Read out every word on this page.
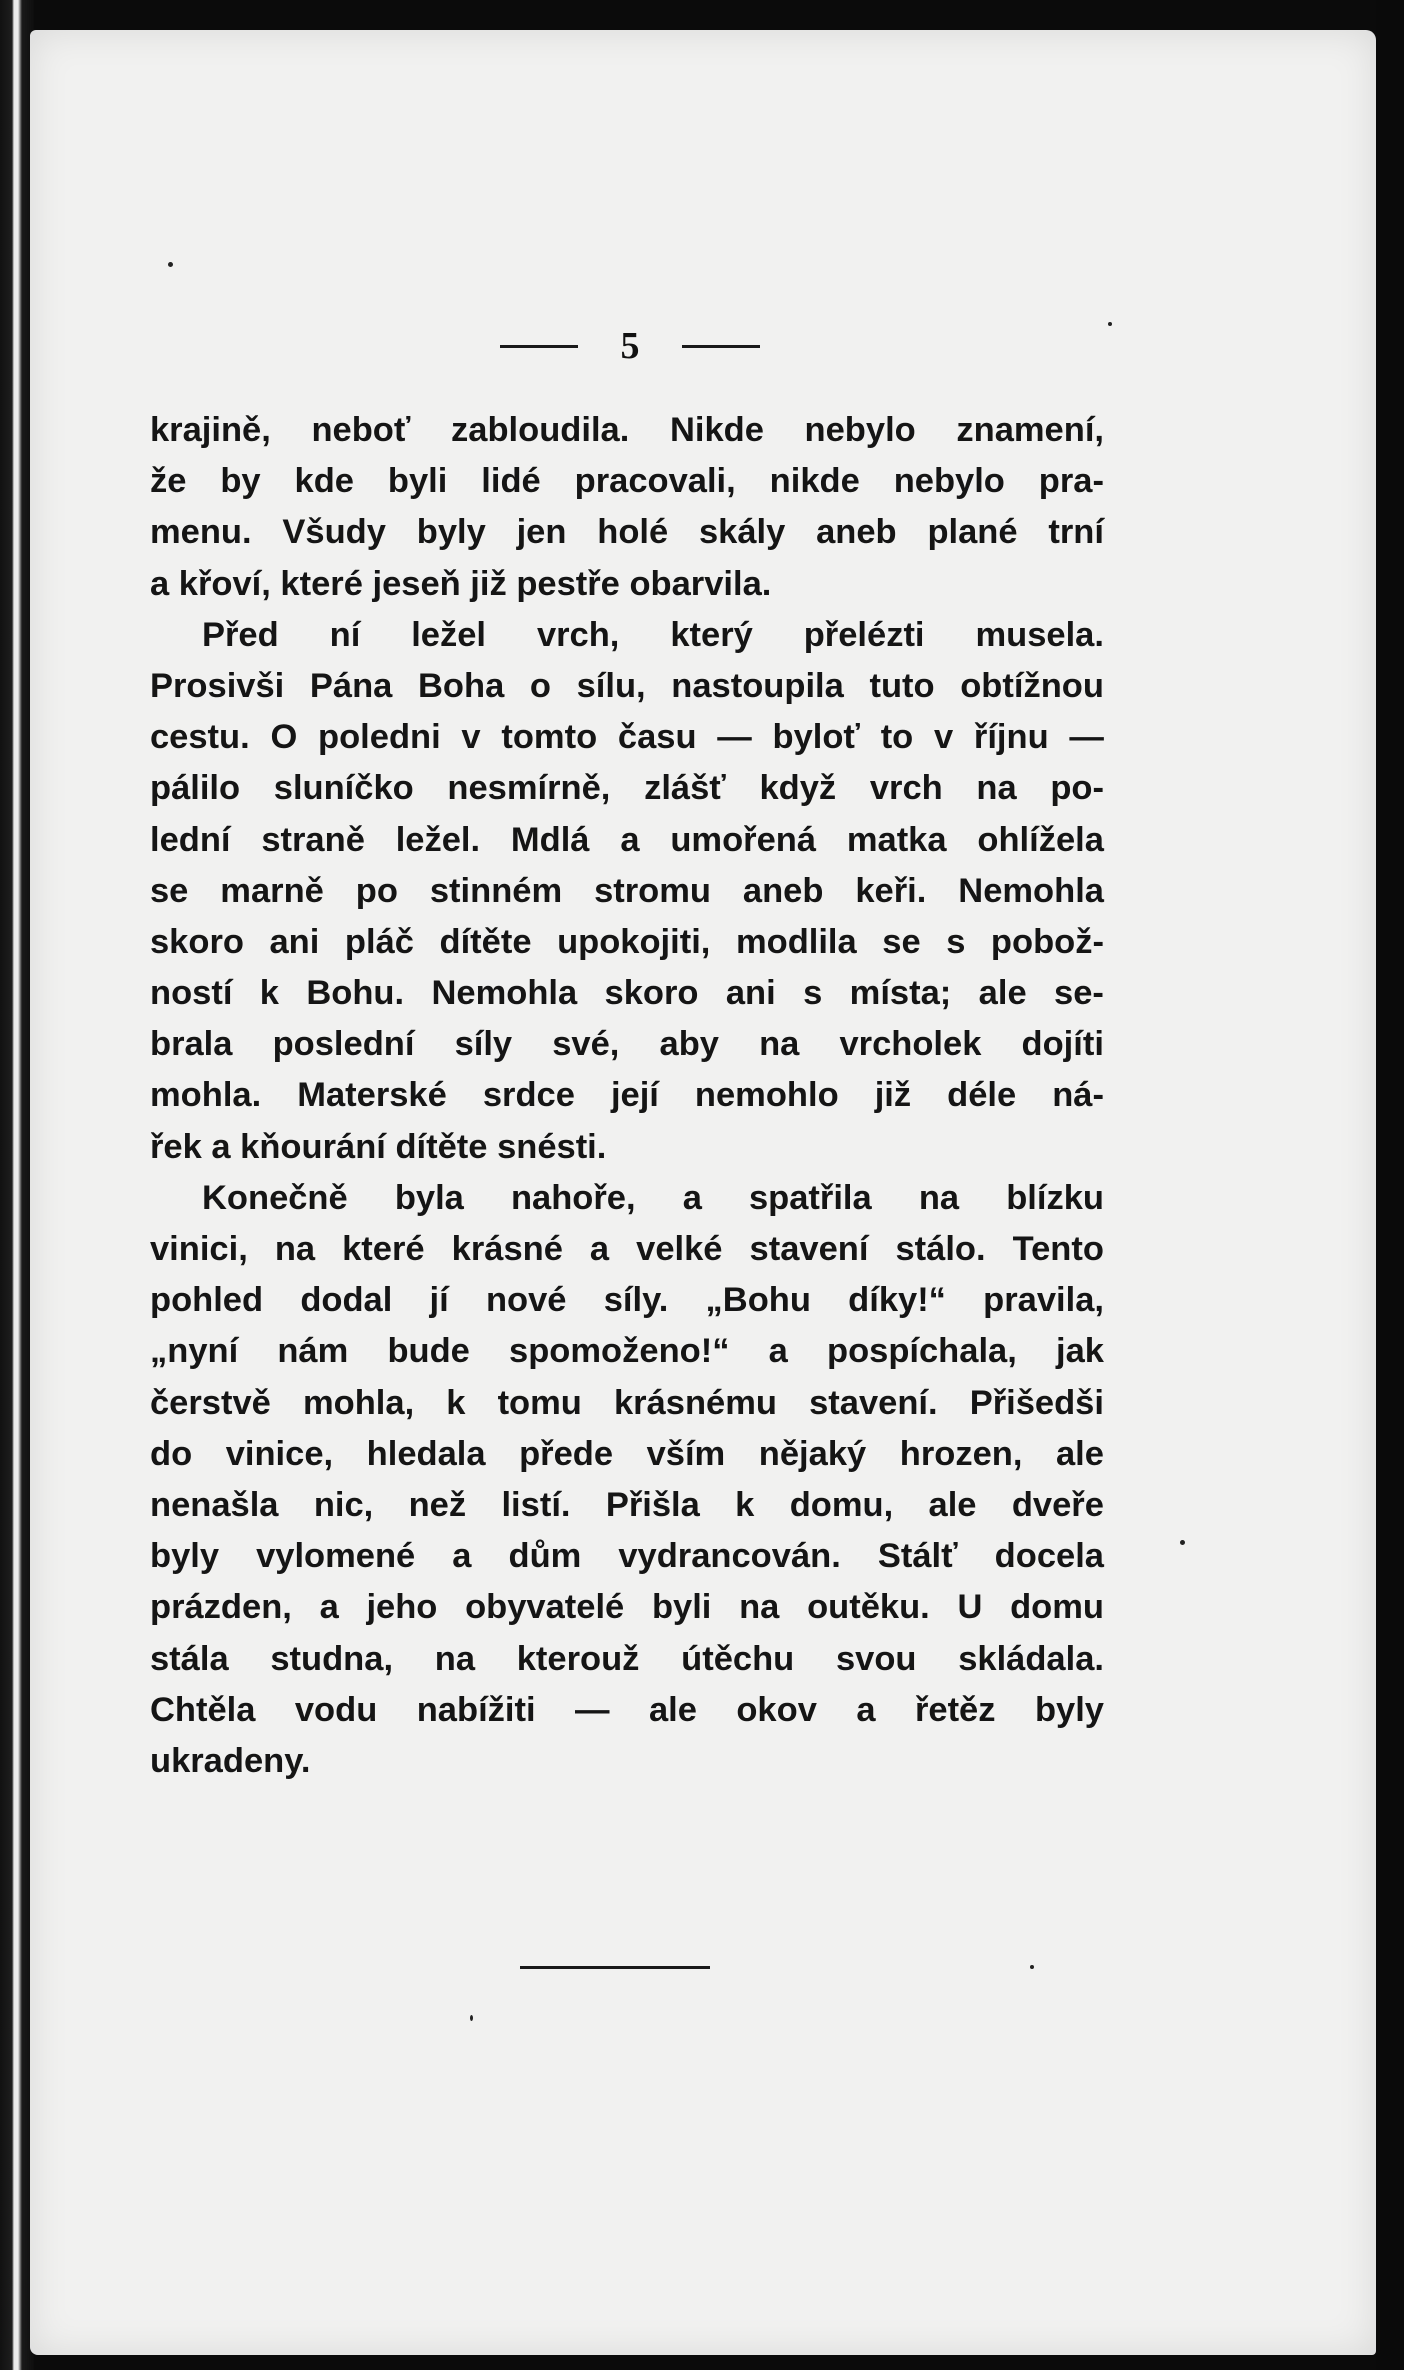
5
krajině, neboť zabloudila. Nikde nebylo znamení,
že by kde byli lidé pracovali, nikde nebylo pra-
menu. Všudy byly jen holé skály aneb plané trní
a křoví, které jeseň již pestře obarvila.
Před ní ležel vrch, který přelézti musela.
Prosivši Pána Boha o sílu, nastoupila tuto obtížnou
cestu. O poledni v tomto času — byloť to v říjnu —
pálilo sluníčko nesmírně, zlášť když vrch na po-
lední straně ležel. Mdlá a umořená matka ohlížela
se marně po stinném stromu aneb keři. Nemohla
skoro ani pláč dítěte upokojiti, modlila se s pobož-
ností k Bohu. Nemohla skoro ani s místa; ale se-
brala poslední síly své, aby na vrcholek dojíti
mohla. Materské srdce její nemohlo již déle ná-
řek a kňourání dítěte snésti.
Konečně byla nahoře, a spatřila na blízku
vinici, na které krásné a velké stavení stálo. Tento
pohled dodal jí nové síly. „Bohu díky!“ pravila,
„nyní nám bude spomoženo!“ a pospíchala, jak
čerstvě mohla, k tomu krásnému stavení. Přišedši
do vinice, hledala přede vším nějaký hrozen, ale
nenašla nic, než listí. Přišla k domu, ale dveře
byly vylomené a dům vydrancován. Stálť docela
prázden, a jeho obyvatelé byli na outěku. U domu
stála studna, na kterouž útěchu svou skládala.
Chtěla vodu nabížiti — ale okov a řetěz byly
ukradeny.
